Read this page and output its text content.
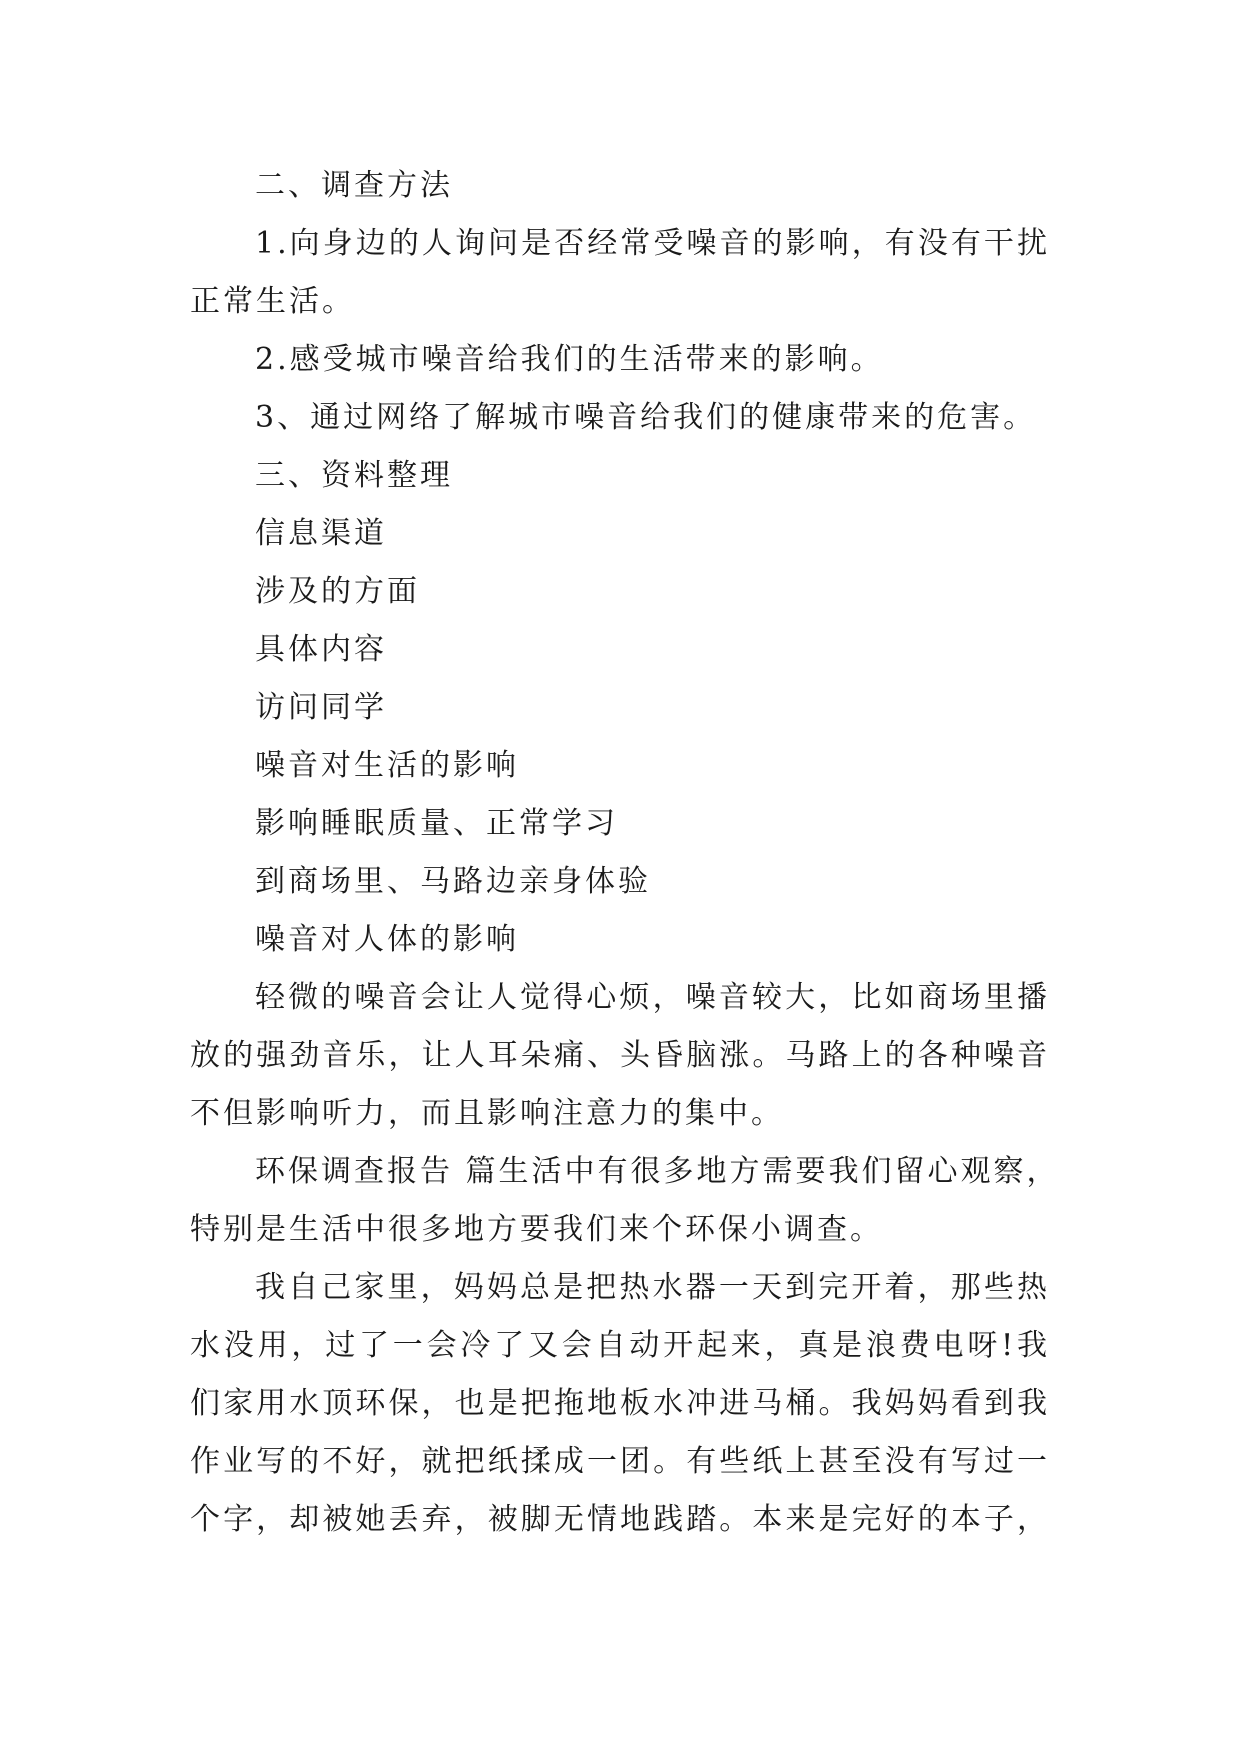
二、调查方法
1.向身边的人询问是否经常受噪音的影响，有没有干扰
正常生活。
2.感受城市噪音给我们的生活带来的影响。
3、通过网络了解城市噪音给我们的健康带来的危害。
三、资料整理
信息渠道
涉及的方面
具体内容
访问同学
噪音对生活的影响
影响睡眠质量、正常学习
到商场里、马路边亲身体验
噪音对人体的影响
轻微的噪音会让人觉得心烦，噪音较大，比如商场里播
放的强劲音乐，让人耳朵痛、头昏脑涨。马路上的各种噪音
不但影响听力，而且影响注意力的集中。
环保调查报告 篇生活中有很多地方需要我们留心观察，
特别是生活中很多地方要我们来个环保小调查。
我自己家里，妈妈总是把热水器一天到完开着，那些热
水没用，过了一会冷了又会自动开起来，真是浪费电呀!我
们家用水顶环保，也是把拖地板水冲进马桶。我妈妈看到我
作业写的不好，就把纸揉成一团。有些纸上甚至没有写过一
个字，却被她丢弃，被脚无情地践踏。本来是完好的本子，
